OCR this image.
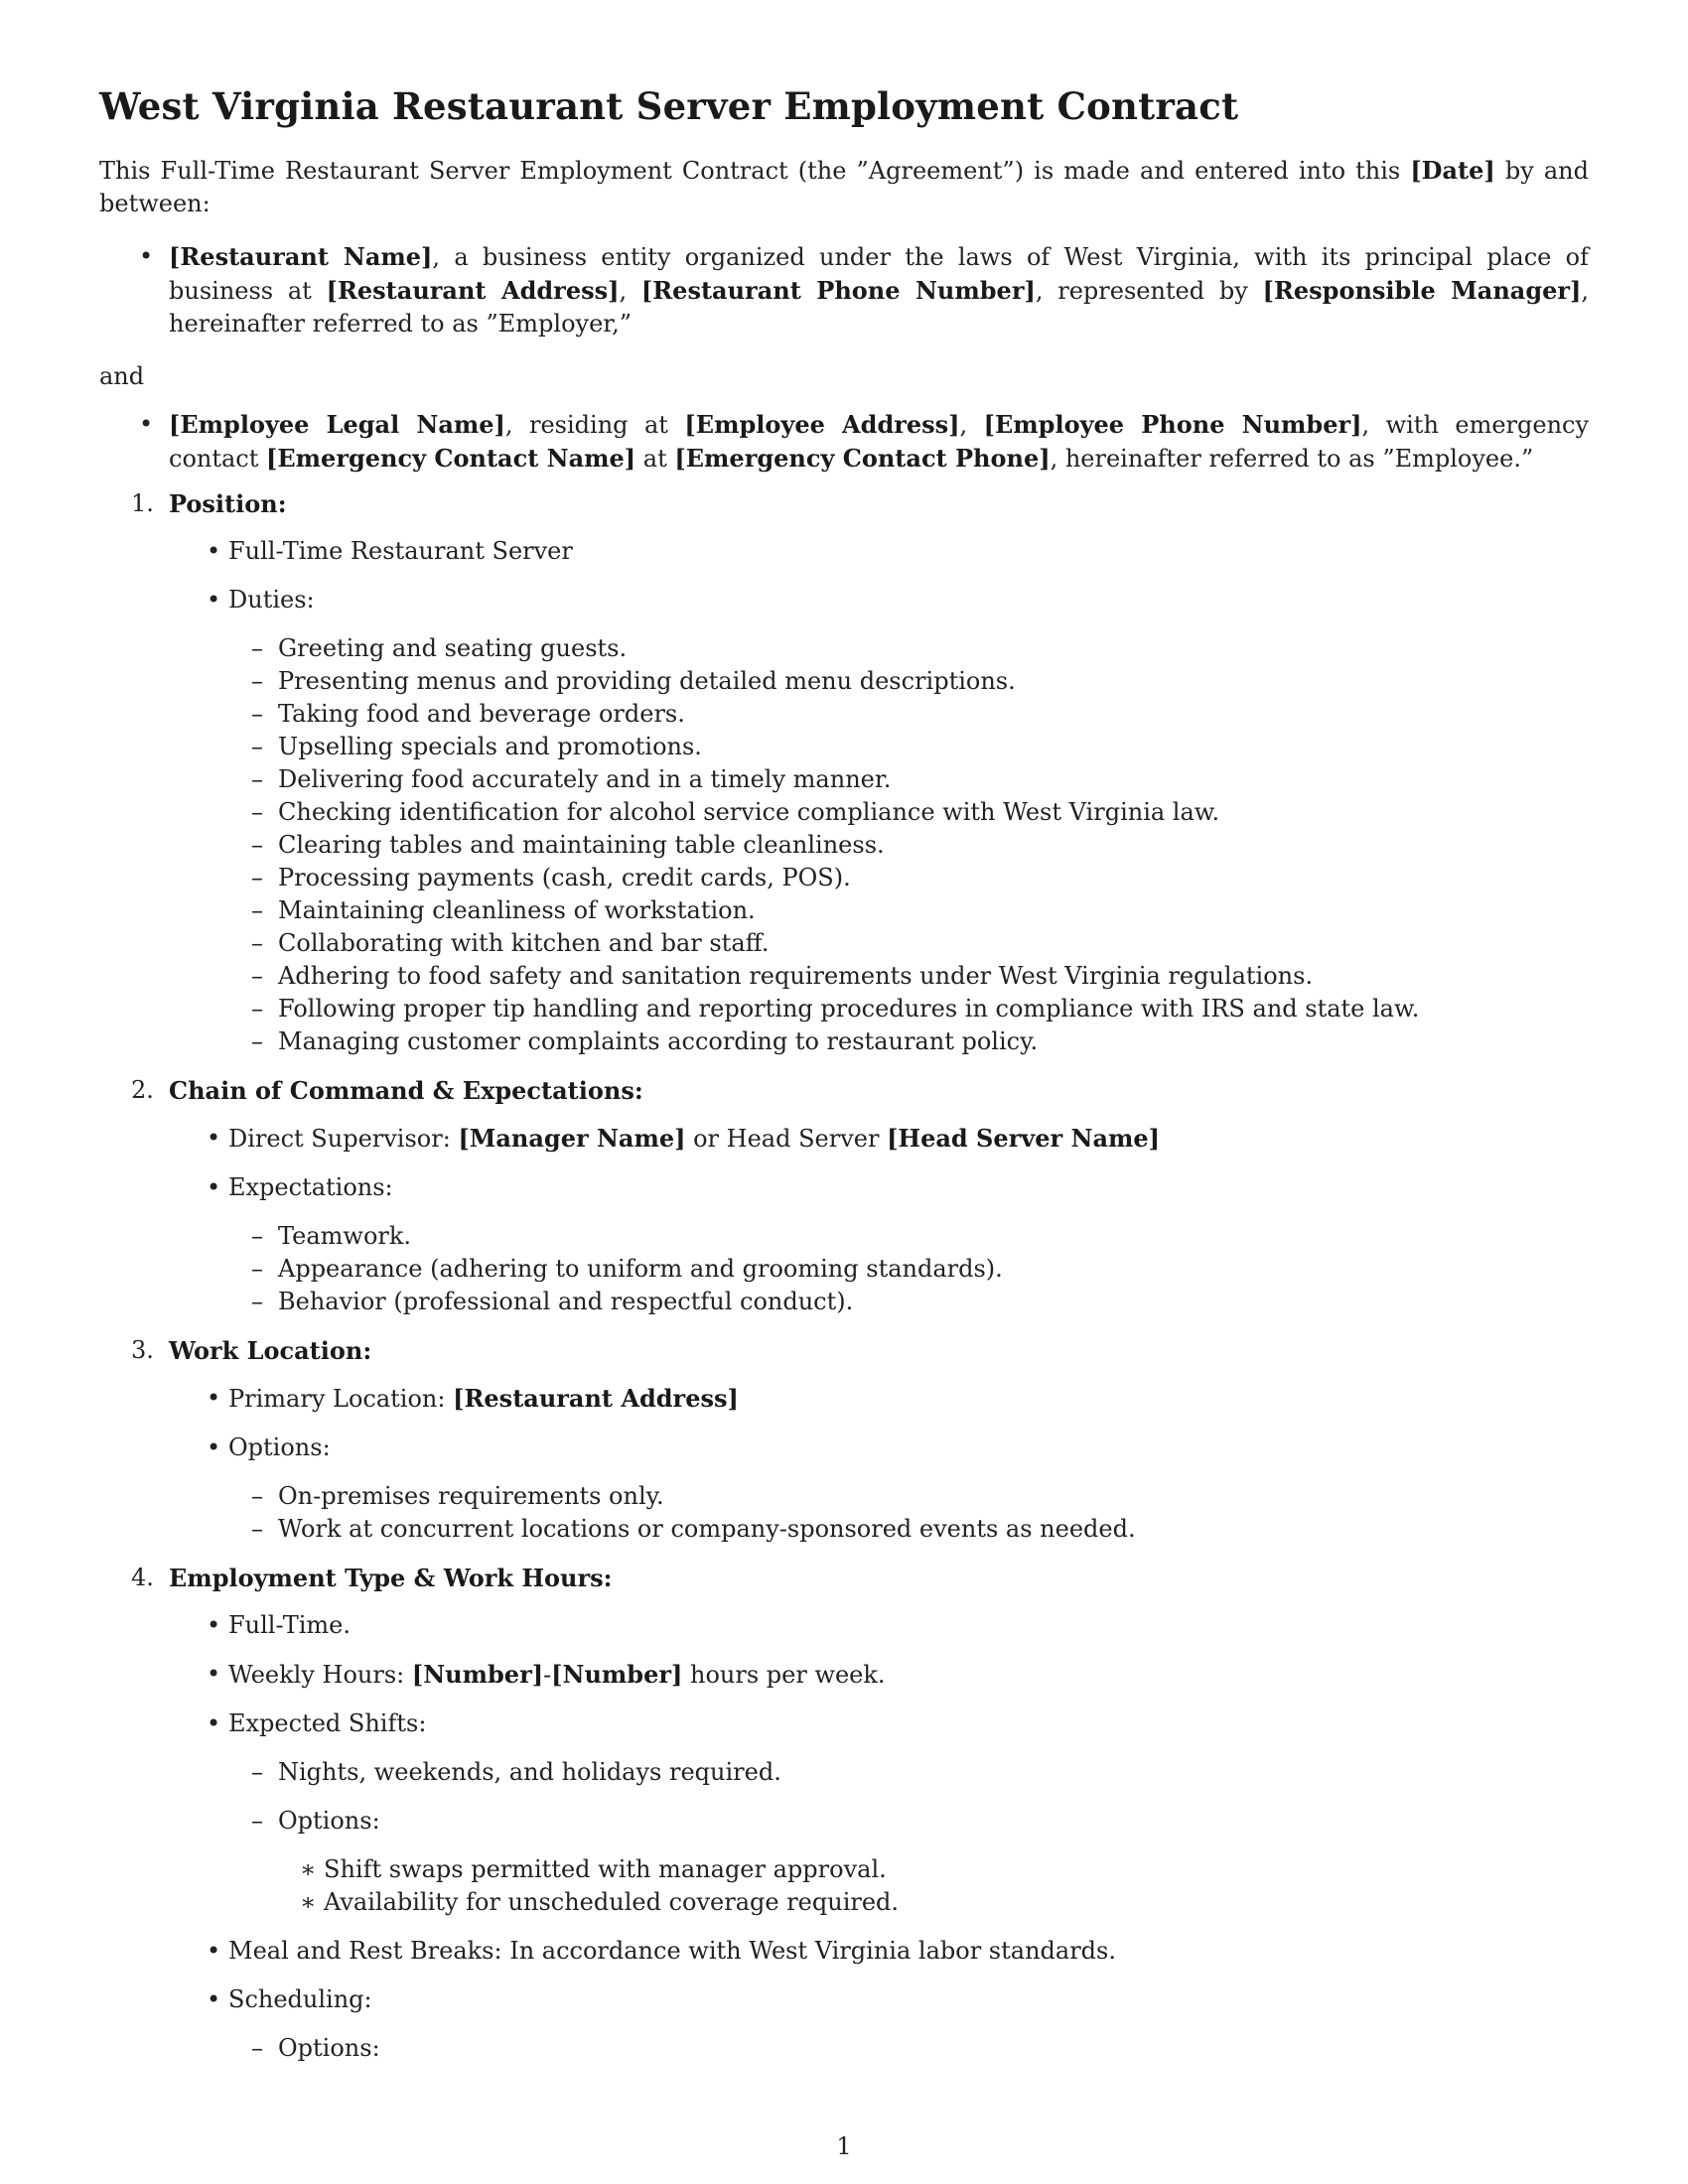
West Virginia Restaurant Server Employment Contract

This Full-Time Restaurant Server Employment Contract (the ”Agreement”) is made and entered into this [Date] by and between:

• [Restaurant Name], a business entity organized under the laws of West Virginia, with its principal place of business at [Restaurant Address], [Restaurant Phone Number], represented by [Responsible Manager], hereinafter referred to as ”Employer,”

and

• [Employee Legal Name], residing at [Employee Address], [Employee Phone Number], with emergency contact [Emergency Contact Name] at [Emergency Contact Phone], hereinafter referred to as ”Employee.”
1. Position:
• Full-Time Restaurant Server
• Duties:
– Greeting and seating guests.
– Presenting menus and providing detailed menu descriptions.
– Taking food and beverage orders.
– Upselling specials and promotions.
– Delivering food accurately and in a timely manner.
– Checking identification for alcohol service compliance with West Virginia law.
– Clearing tables and maintaining table cleanliness.
– Processing payments (cash, credit cards, POS).
– Maintaining cleanliness of workstation.
– Collaborating with kitchen and bar staff.
– Adhering to food safety and sanitation requirements under West Virginia regulations.
– Following proper tip handling and reporting procedures in compliance with IRS and state law.
– Managing customer complaints according to restaurant policy.
2. Chain of Command & Expectations:
• Direct Supervisor: [Manager Name] or Head Server [Head Server Name]
• Expectations:
– Teamwork.
– Appearance (adhering to uniform and grooming standards).
– Behavior (professional and respectful conduct).
3. Work Location:
• Primary Location: [Restaurant Address]
• Options:
– On-premises requirements only.
– Work at concurrent locations or company-sponsored events as needed.
4. Employment Type & Work Hours:
• Full-Time.
• Weekly Hours: [Number]-[Number] hours per week.
• Expected Shifts:
– Nights, weekends, and holidays required.
– Options:
∗ Shift swaps permitted with manager approval.
∗ Availability for unscheduled coverage required.
• Meal and Rest Breaks: In accordance with West Virginia labor standards.
• Scheduling:
– Options:
1
